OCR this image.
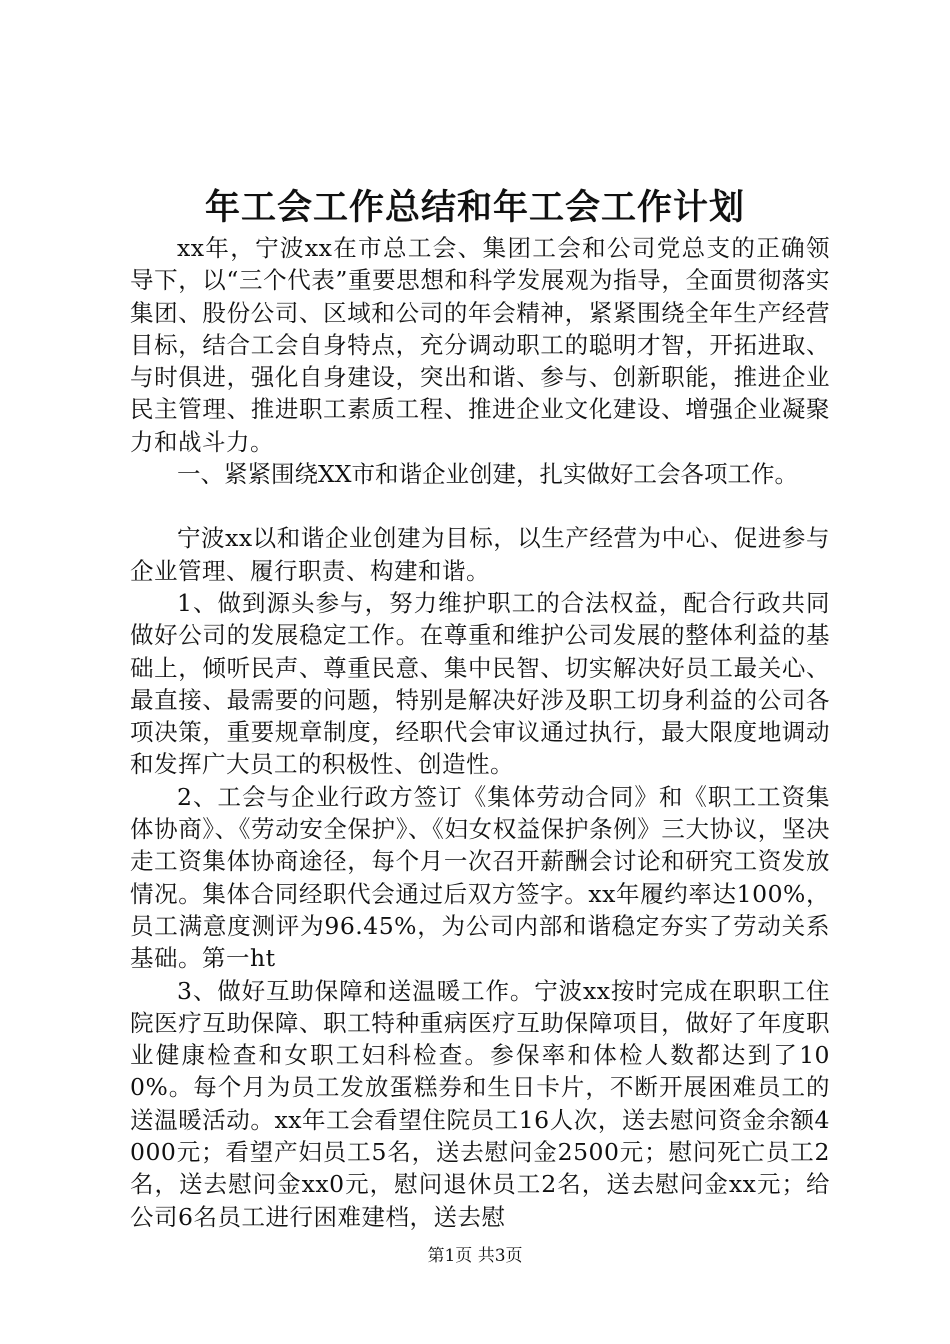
年工会工作总结和年工会工作计划

xx年，宁波xx在市总工会、集团工会和公司党总支的正确领导下，以“三个代表”重要思想和科学发展观为指导，全面贯彻落实集团、股份公司、区域和公司的年会精神，紧紧围绕全年生产经营目标，结合工会自身特点，充分调动职工的聪明才智，开拓进取、与时俱进，强化自身建设，突出和谐、参与、创新职能，推进企业民主管理、推进职工素质工程、推进企业文化建设、增强企业凝聚力和战斗力。

一、紧紧围绕XX市和谐企业创建，扎实做好工会各项工作。

宁波xx以和谐企业创建为目标，以生产经营为中心、促进参与企业管理、履行职责、构建和谐。

1、做到源头参与，努力维护职工的合法权益，配合行政共同做好公司的发展稳定工作。在尊重和维护公司发展的整体利益的基础上，倾听民声、尊重民意、集中民智、切实解决好员工最关心、最直接、最需要的问题，特别是解决好涉及职工切身利益的公司各项决策，重要规章制度，经职代会审议通过执行，最大限度地调动和发挥广大员工的积极性、创造性。

2、工会与企业行政方签订《集体劳动合同》和《职工工资集体协商》、《劳动安全保护》、《妇女权益保护条例》三大协议，坚决走工资集体协商途径，每个月一次召开薪酬会讨论和研究工资发放情况。集体合同经职代会通过后双方签字。xx年履约率达100%，员工满意度测评为96.45%，为公司内部和谐稳定夯实了劳动关系基础。第一ht

3、做好互助保障和送温暖工作。宁波xx按时完成在职职工住院医疗互助保障、职工特种重病医疗互助保障项目，做好了年度职业健康检查和女职工妇科检查。参保率和体检人数都达到了100%。每个月为员工发放蛋糕券和生日卡片，不断开展困难员工的送温暖活动。xx年工会看望住院员工16人次，送去慰问资金余额4000元；看望产妇员工5名，送去慰问金2500元；慰问死亡员工2名，送去慰问金xx0元，慰问退休员工2名，送去慰问金xx元；给公司6名员工进行困难建档，送去慰

第1页 共3页
